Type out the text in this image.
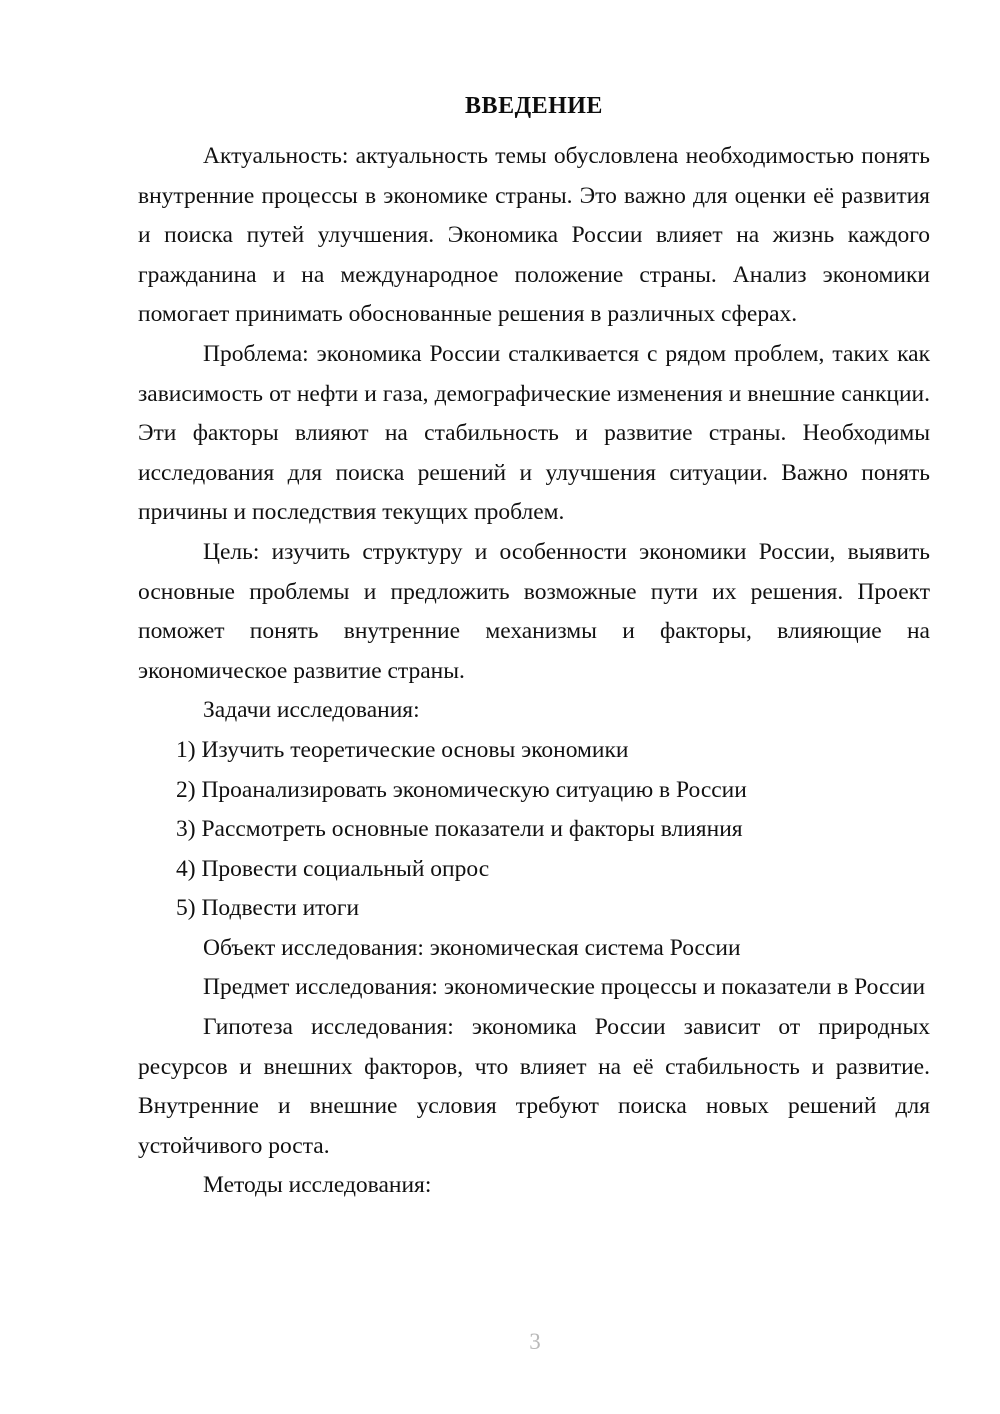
ВВЕДЕНИЕ

Актуальность: актуальность темы обусловлена необходимостью понять внутренние процессы в экономике страны. Это важно для оценки её развития и поиска путей улучшения. Экономика России влияет на жизнь каждого гражданина и на международное положение страны. Анализ экономики помогает принимать обоснованные решения в различных сферах.

Проблема: экономика России сталкивается с рядом проблем, таких как зависимость от нефти и газа, демографические изменения и внешние санкции. Эти факторы влияют на стабильность и развитие страны. Необходимы исследования для поиска решений и улучшения ситуации. Важно понять причины и последствия текущих проблем.

Цель: изучить структуру и особенности экономики России, выявить основные проблемы и предложить возможные пути их решения. Проект поможет понять внутренние механизмы и факторы, влияющие на экономическое развитие страны.

Задачи исследования:

1) Изучить теоретические основы экономики
2) Проанализировать экономическую ситуацию в России
3) Рассмотреть основные показатели и факторы влияния
4) Провести социальный опрос
5) Подвести итоги

Объект исследования: экономическая система России

Предмет исследования: экономические процессы и показатели в России

Гипотеза исследования: экономика России зависит от природных ресурсов и внешних факторов, что влияет на её стабильность и развитие. Внутренние и внешние условия требуют поиска новых решений для устойчивого роста.

Методы исследования:

3
